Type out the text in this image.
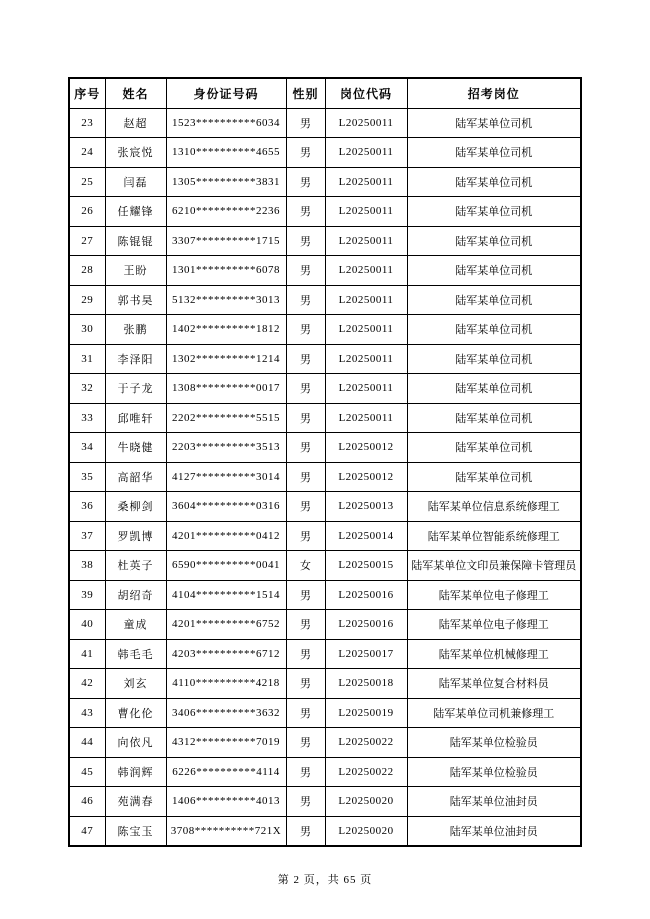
序号	姓名	身份证号码	性别	岗位代码	招考岗位
23	赵超	1523**********6034	男	L20250011	陆军某单位司机
24	张宸悦	1310**********4655	男	L20250011	陆军某单位司机
25	闫磊	1305**********3831	男	L20250011	陆军某单位司机
26	任耀锋	6210**********2236	男	L20250011	陆军某单位司机
27	陈锟锟	3307**********1715	男	L20250011	陆军某单位司机
28	王盼	1301**********6078	男	L20250011	陆军某单位司机
29	郭书昊	5132**********3013	男	L20250011	陆军某单位司机
30	张鹏	1402**********1812	男	L20250011	陆军某单位司机
31	李泽阳	1302**********1214	男	L20250011	陆军某单位司机
32	于子龙	1308**********0017	男	L20250011	陆军某单位司机
33	邱唯轩	2202**********5515	男	L20250011	陆军某单位司机
34	牛晓健	2203**********3513	男	L20250012	陆军某单位司机
35	高韶华	4127**********3014	男	L20250012	陆军某单位司机
36	桑柳剑	3604**********0316	男	L20250013	陆军某单位信息系统修理工
37	罗凯博	4201**********0412	男	L20250014	陆军某单位智能系统修理工
38	杜英子	6590**********0041	女	L20250015	陆军某单位文印员兼保障卡管理员
39	胡绍奇	4104**********1514	男	L20250016	陆军某单位电子修理工
40	童成	4201**********6752	男	L20250016	陆军某单位电子修理工
41	韩毛毛	4203**********6712	男	L20250017	陆军某单位机械修理工
42	刘玄	4110**********4218	男	L20250018	陆军某单位复合材料员
43	曹化伦	3406**********3632	男	L20250019	陆军某单位司机兼修理工
44	向依凡	4312**********7019	男	L20250022	陆军某单位检验员
45	韩润辉	6226**********4114	男	L20250022	陆军某单位检验员
46	苑满春	1406**********4013	男	L20250020	陆军某单位油封员
47	陈宝玉	3708**********721X	男	L20250020	陆军某单位油封员
第 2 页，共 65 页
